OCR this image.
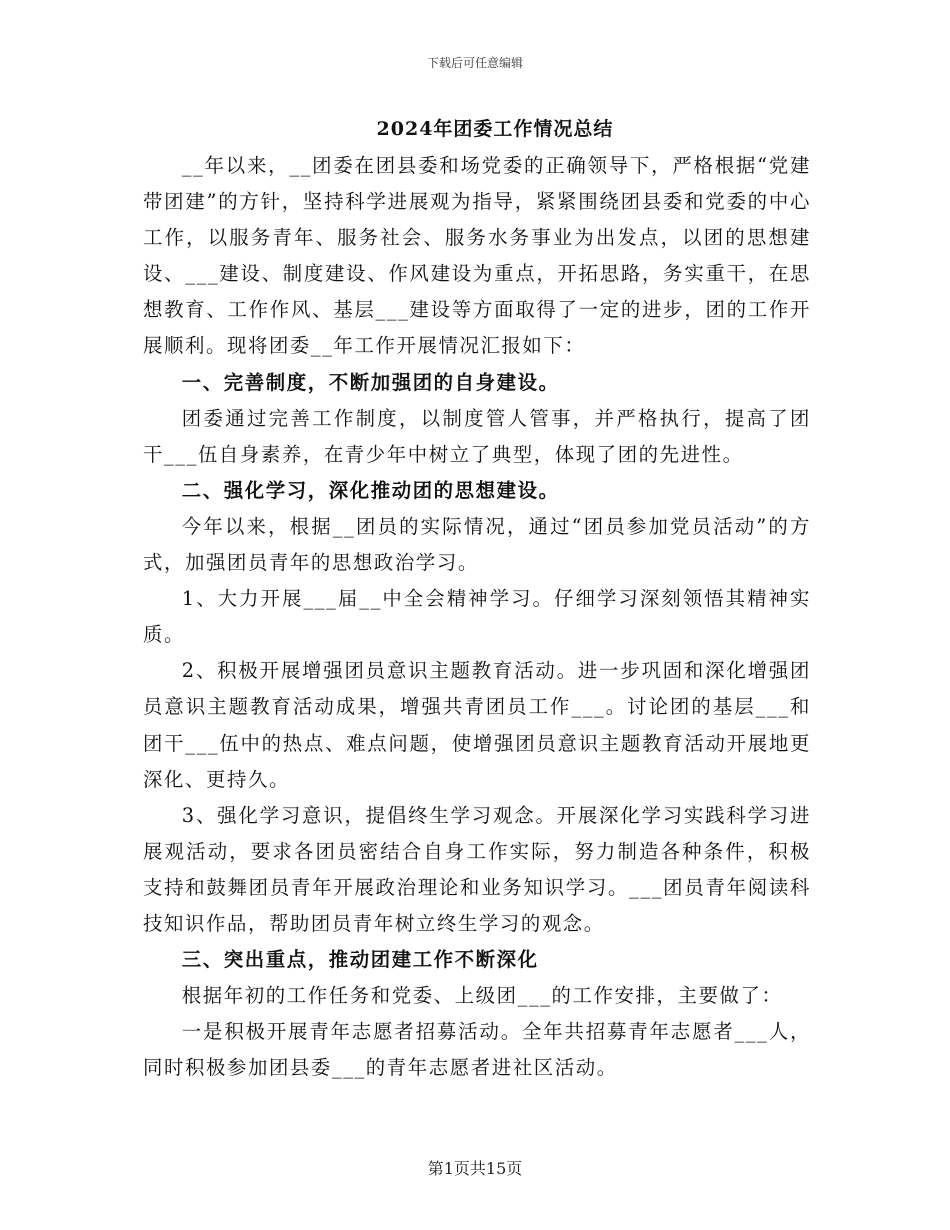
下载后可任意编辑
2024年团委工作情况总结

__年以来，__团委在团县委和场党委的正确领导下，严格根据“党建带团建”的方针，坚持科学进展观为指导，紧紧围绕团县委和党委的中心工作，以服务青年、服务社会、服务水务事业为出发点，以团的思想建设、___建设、制度建设、作风建设为重点，开拓思路，务实重干，在思想教育、工作作风、基层___建设等方面取得了一定的进步，团的工作开展顺利。现将团委__年工作开展情况汇报如下：

一、完善制度，不断加强团的自身建设。

团委通过完善工作制度，以制度管人管事，并严格执行，提高了团干___伍自身素养，在青少年中树立了典型，体现了团的先进性。

二、强化学习，深化推动团的思想建设。

今年以来，根据__团员的实际情况，通过“团员参加党员活动”的方式，加强团员青年的思想政治学习。

1、大力开展___届__中全会精神学习。仔细学习深刻领悟其精神实质。

2、积极开展增强团员意识主题教育活动。进一步巩固和深化增强团员意识主题教育活动成果，增强共青团员工作___。讨论团的基层___和团干___伍中的热点、难点问题，使增强团员意识主题教育活动开展地更深化、更持久。

3、强化学习意识，提倡终生学习观念。开展深化学习实践科学习进展观活动，要求各团员密结合自身工作实际，努力制造各种条件，积极支持和鼓舞团员青年开展政治理论和业务知识学习。___团员青年阅读科技知识作品，帮助团员青年树立终生学习的观念。

三、突出重点，推动团建工作不断深化

根据年初的工作任务和党委、上级团___的工作安排，主要做了：

一是积极开展青年志愿者招募活动。全年共招募青年志愿者___人，同时积极参加团县委___的青年志愿者进社区活动。

第1页共15页
